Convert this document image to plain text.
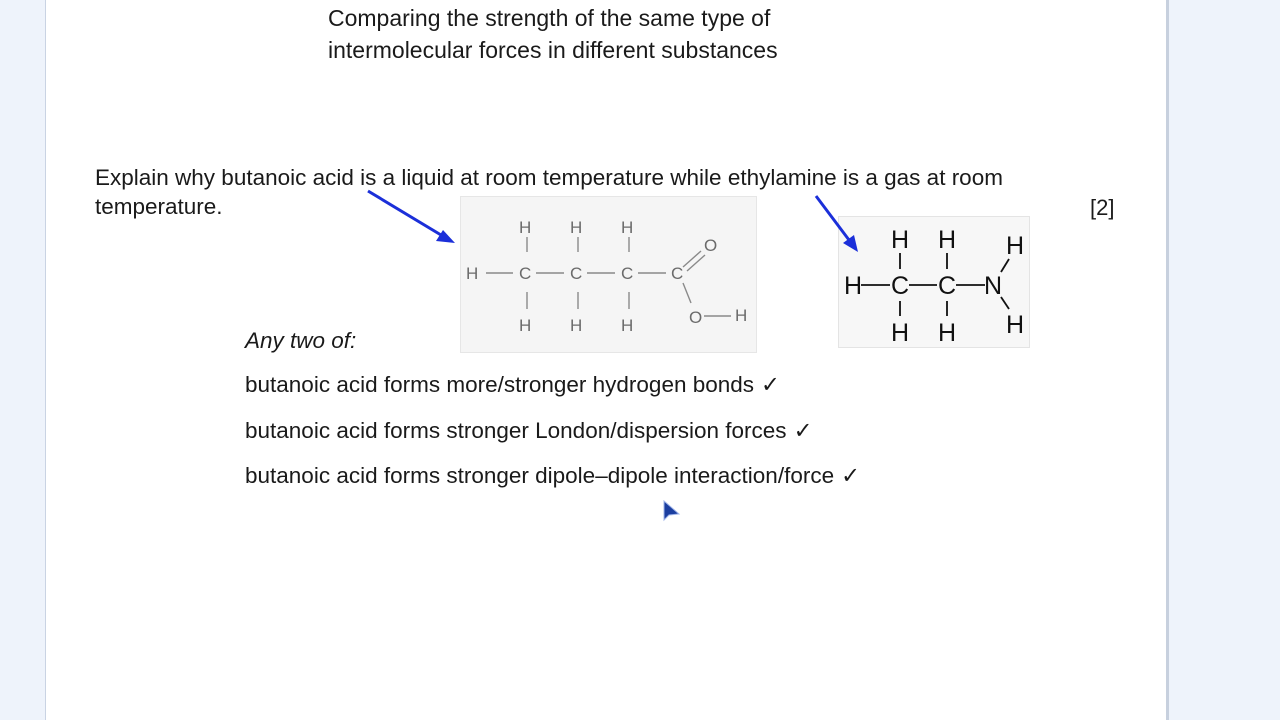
Comparing the strength of the same type of
intermolecular forces in different substances

Explain why butanoic acid is a liquid at room temperature while ethylamine is a gas at room temperature.	[2]
H C C C C
H H H
H H H
O
O H
H C C N
H H
H H
H
H

Any two of:

butanoic acid forms more/stronger hydrogen bonds ✓

butanoic acid forms stronger London/dispersion forces ✓

butanoic acid forms stronger dipole–dipole interaction/force ✓
